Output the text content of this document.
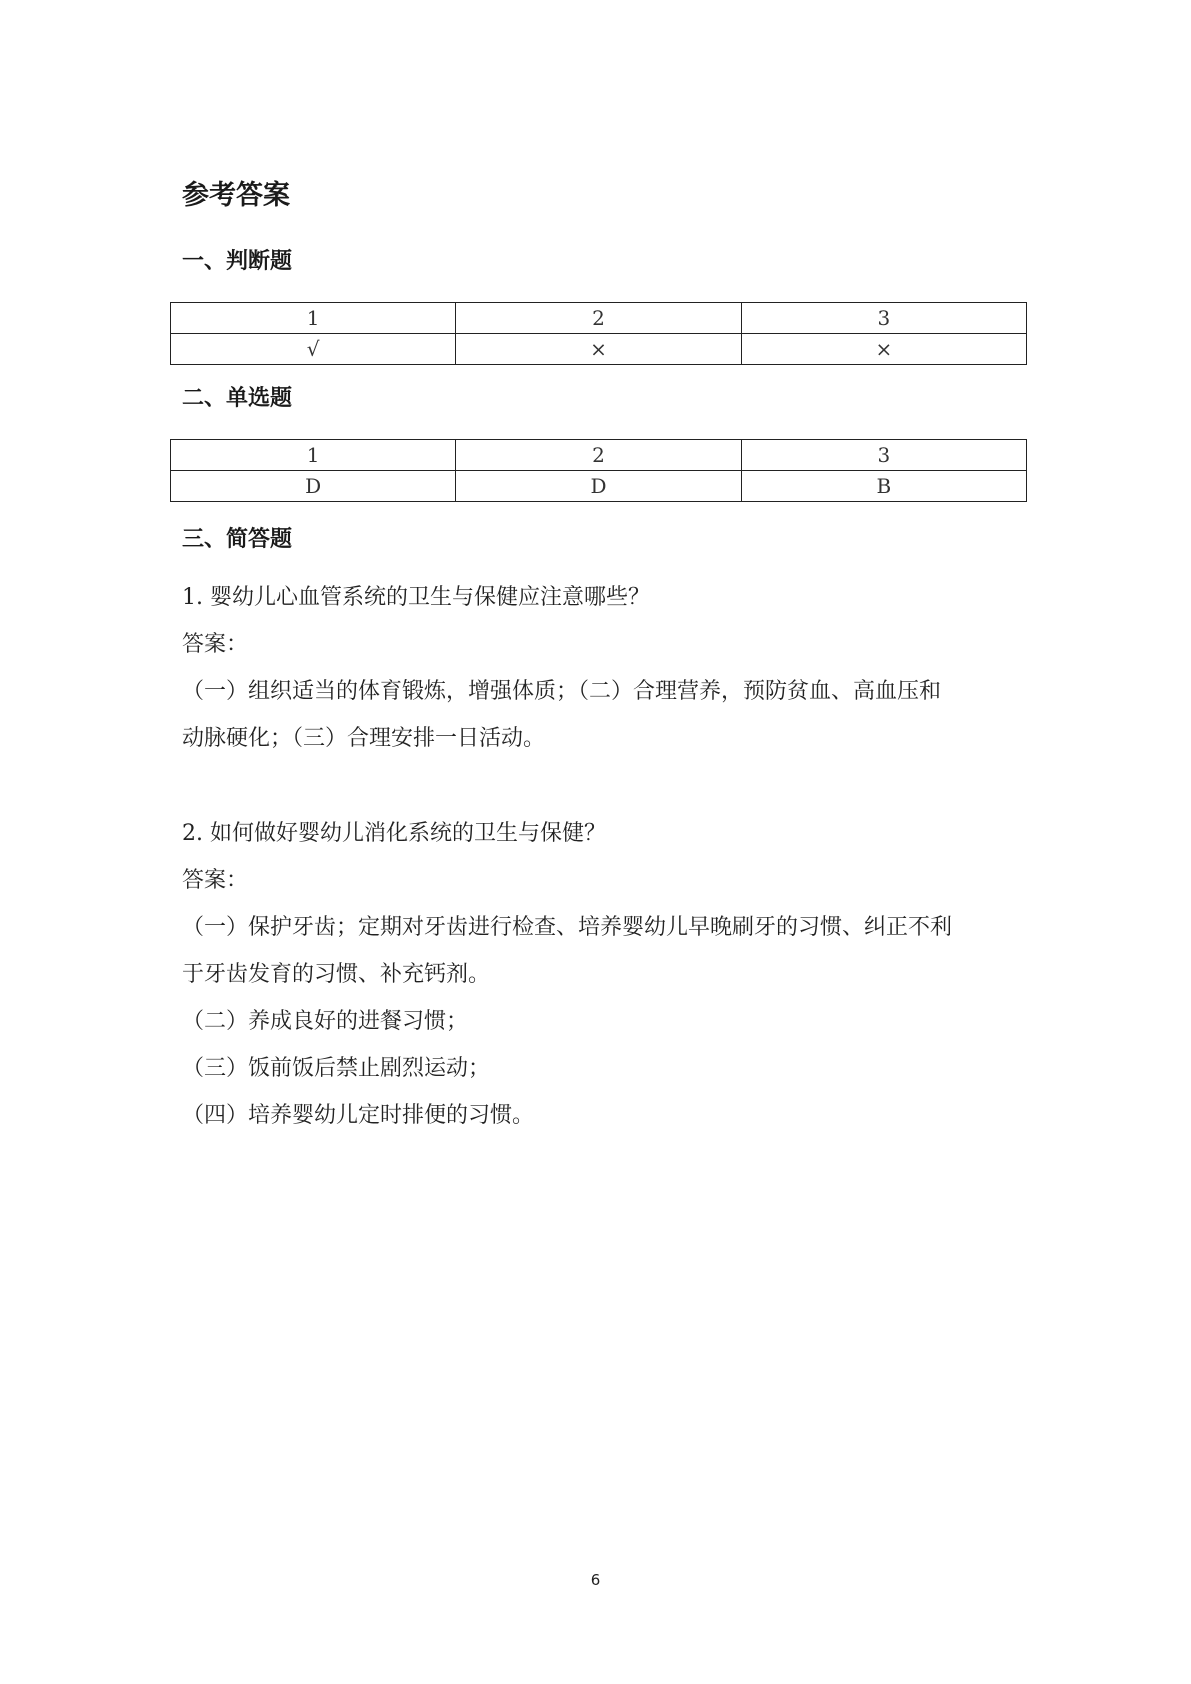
参考答案
一、判断题
1	2	3
√	×	×
二、单选题
1	2	3
D	D	B
三、简答题

1. 婴幼儿心血管系统的卫生与保健应注意哪些？

答案：

（一）组织适当的体育锻炼，增强体质；（二）合理营养，预防贫血、高血压和

动脉硬化；（三）合理安排一日活动。

2. 如何做好婴幼儿消化系统的卫生与保健？

答案：

（一）保护牙齿；定期对牙齿进行检查、培养婴幼儿早晚刷牙的习惯、纠正不利

于牙齿发育的习惯、补充钙剂。

（二）养成良好的进餐习惯；

（三）饭前饭后禁止剧烈运动；

（四）培养婴幼儿定时排便的习惯。

6
